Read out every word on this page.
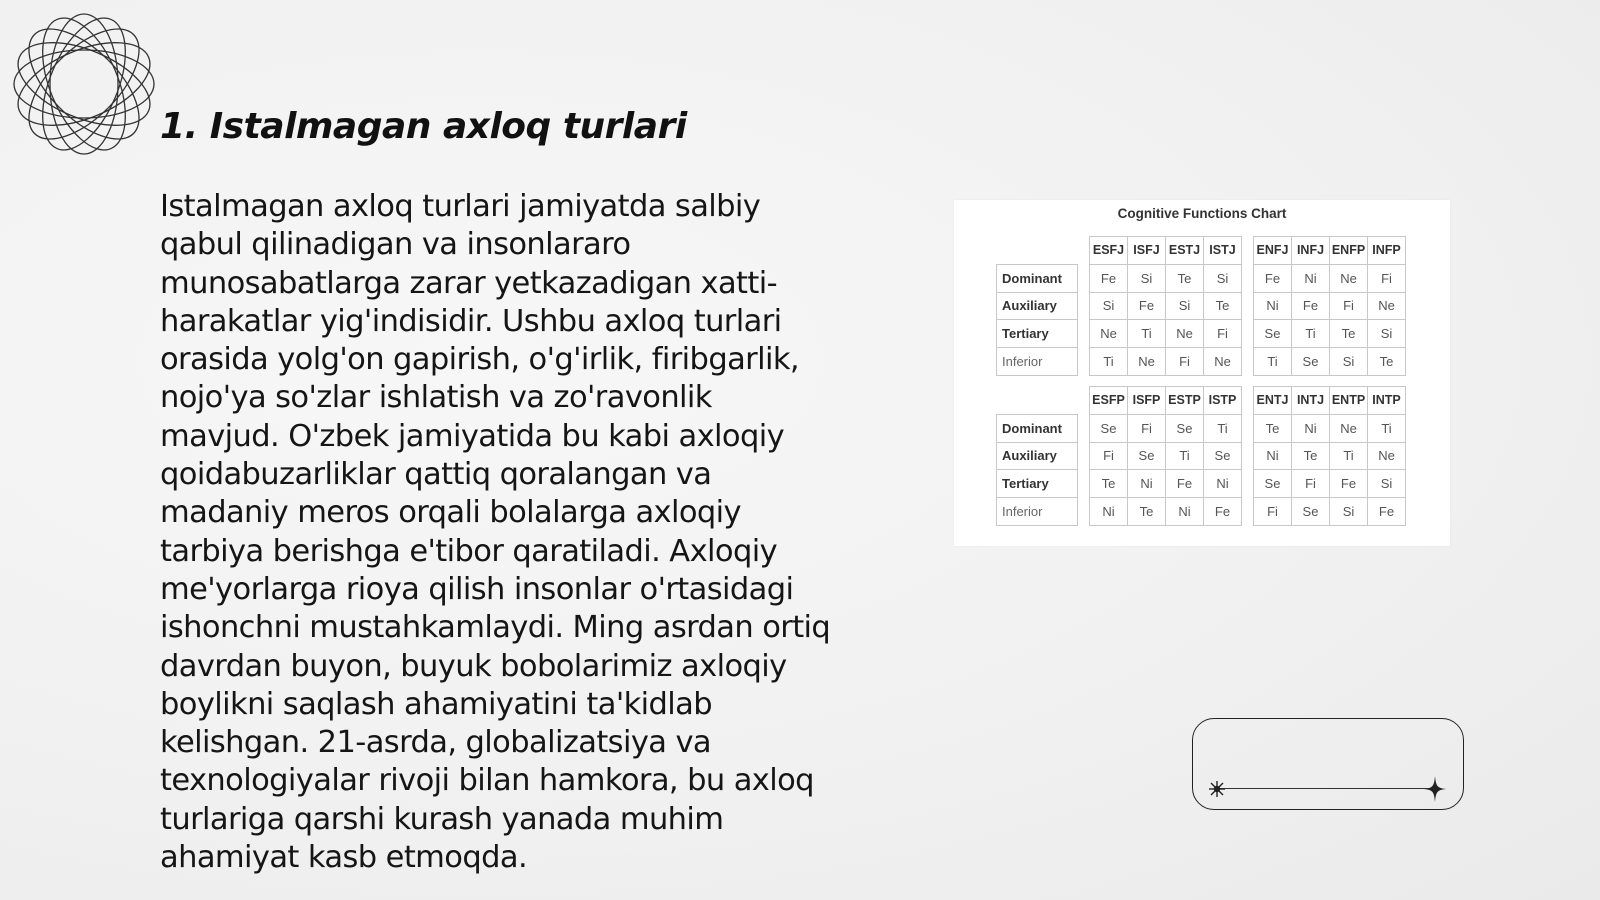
1. Istalmagan axloq turlari

Istalmagan axloq turlari jamiyatda salbiy qabul qilinadigan va insonlararo munosabatlarga zarar yetkazadigan xatti-harakatlar yig'indisidir. Ushbu axloq turlari orasida yolg'on gapirish, o'g'irlik, firibgarlik, nojo'ya so'zlar ishlatish va zo'ravonlik mavjud. O'zbek jamiyatida bu kabi axloqiy qoidabuzarliklar qattiq qoralangan va madaniy meros orqali bolalarga axloqiy tarbiya berishga e'tibor qaratiladi. Axloqiy me'yorlarga rioya qilish insonlar o'rtasidagi ishonchni mustahkamlaydi. Ming asrdan ortiq davrdan buyon, buyuk bobolarimiz axloqiy boylikni saqlash ahamiyatini ta'kidlab kelishgan. 21-asrda, globalizatsiya va texnologiyalar rivoji bilan hamkora, bu axloq turlariga qarshi kurash yanada muhim ahamiyat kasb etmoqda.

Cognitive Functions Chart
ESFJ ISFJ ESTJ ISTJ	ENFJ INFJ ENFP INFP
Dominant	Fe	Si	Te	Si	Fe	Ni	Ne	Fi
Auxiliary	Si	Fe	Si	Te	Ni	Fe	Fi	Ne
Tertiary	Ne	Ti	Ne	Fi	Se	Ti	Te	Si
Inferior	Ti	Ne	Fi	Ne	Ti	Se	Si	Te
ESFP ISFP ESTP ISTP	ENTJ INTJ ENTP INTP
Dominant	Se	Fi	Se	Ti	Te	Ni	Ne	Ti
Auxiliary	Fi	Se	Ti	Se	Ni	Te	Ti	Ne
Tertiary	Te	Ni	Fe	Ni	Se	Fi	Fe	Si
Inferior	Ni	Te	Ni	Fe	Fi	Se	Si	Fe
